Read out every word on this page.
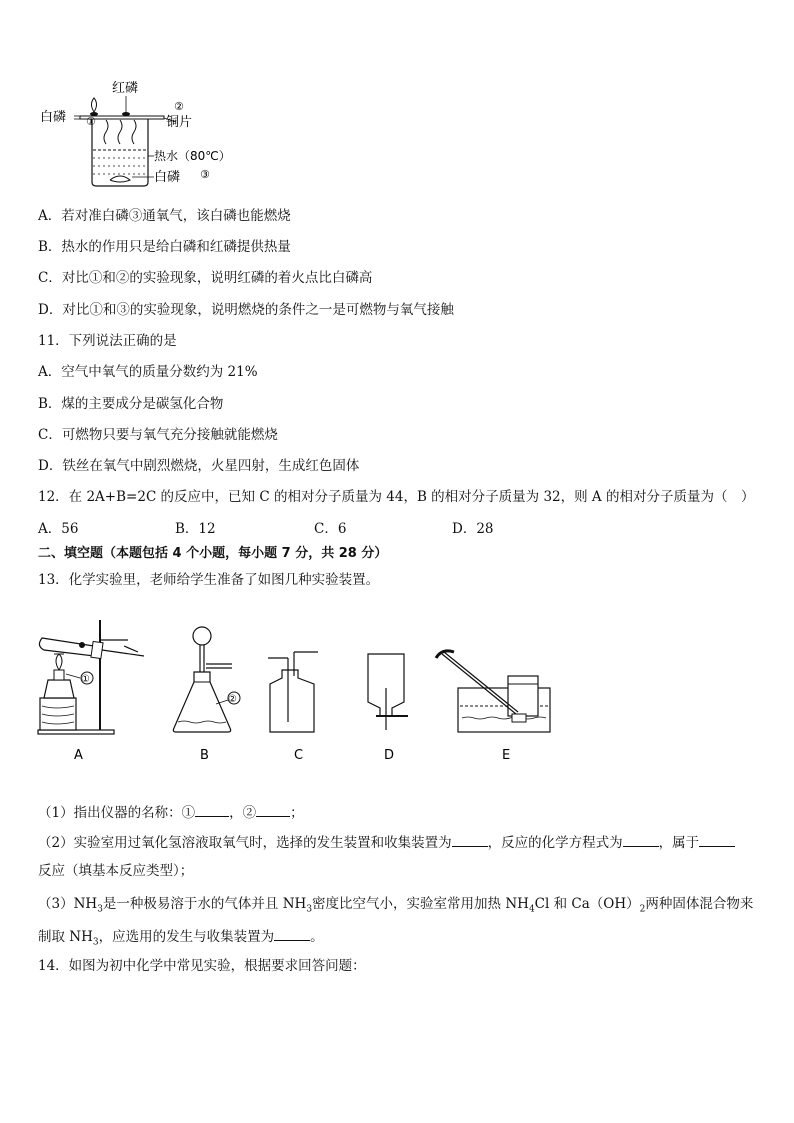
红磷
白磷 ①
②
铜片
热水（80℃）
白磷 ③
A．若对准白磷③通氧气，该白磷也能燃烧
B．热水的作用只是给白磷和红磷提供热量
C．对比①和②的实验现象，说明红磷的着火点比白磷高
D．对比①和③的实验现象，说明燃烧的条件之一是可燃物与氧气接触
11．下列说法正确的是
A．空气中氧气的质量分数约为 21%
B．煤的主要成分是碳氢化合物
C．可燃物只要与氧气充分接触就能燃烧
D．铁丝在氧气中剧烈燃烧，火星四射，生成红色固体
12．在 2A+B=2C 的反应中，已知 C 的相对分子质量为 44，B 的相对分子质量为 32，则 A 的相对分子质量为（　）
A．56	B．12	C．6	D．28
二、填空题（本题包括 4 个小题，每小题 7 分，共 28 分）
13．化学实验里，老师给学生准备了如图几种实验装置。
①
②
A	B	C	D	E
（1）指出仪器的名称：①	，②	；
（2）实验室用过氧化氢溶液取氧气时，选择的发生装置和收集装置为	，反应的化学方程式为	，属于
反应（填基本反应类型）；
$(3)NH_3$是一种极易溶于水的气体并且 $NH_3$密度比空气小，实验室常用加热 $NH_4Cl$ 和 $Ca(OH)_2$两种固体混合物来
制取 $NH_3$，应选用的发生与收集装置为	。
14．如图为初中化学中常见实验，根据要求回答问题：
